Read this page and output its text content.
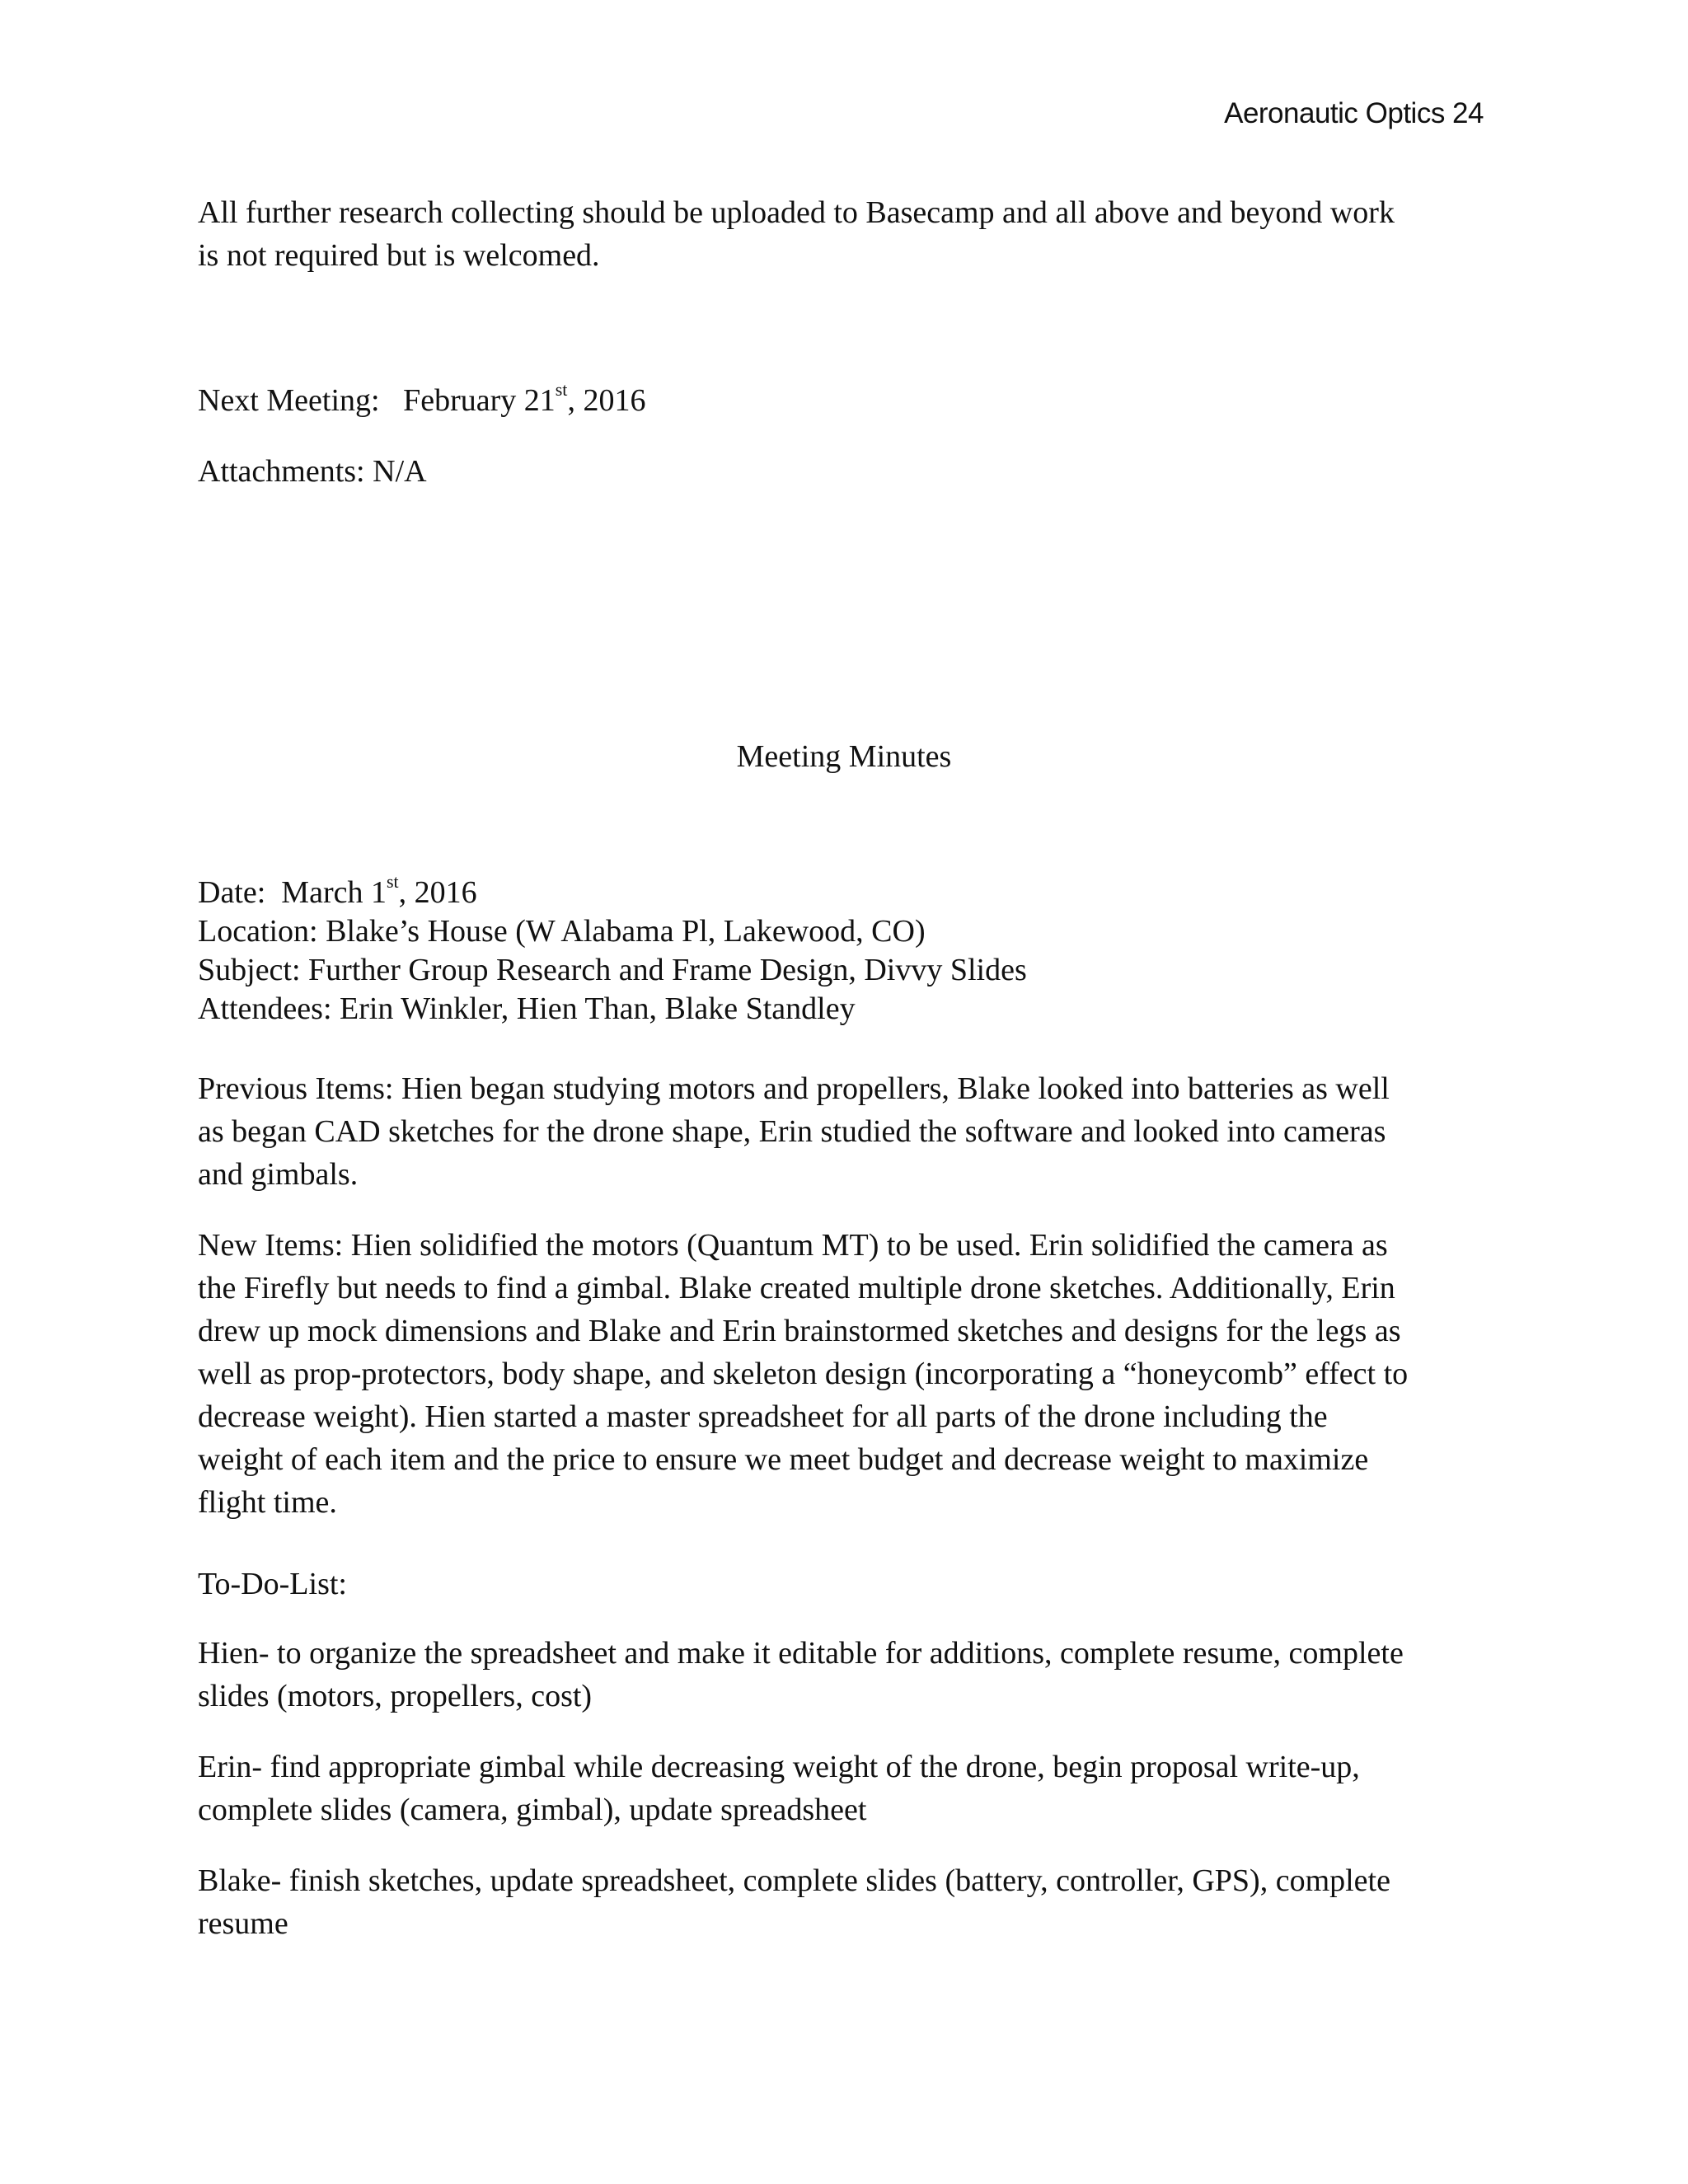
Aeronautic Optics 24
All further research collecting should be uploaded to Basecamp and all above and beyond work
is not required but is welcomed.
Next Meeting: February 21st, 2016
Attachments: N/A
Meeting Minutes
Date: March 1st, 2016
Location: Blake’s House (W Alabama Pl, Lakewood, CO)
Subject: Further Group Research and Frame Design, Divvy Slides
Attendees: Erin Winkler, Hien Than, Blake Standley
Previous Items: Hien began studying motors and propellers, Blake looked into batteries as well
as began CAD sketches for the drone shape, Erin studied the software and looked into cameras
and gimbals.
New Items: Hien solidified the motors (Quantum MT) to be used. Erin solidified the camera as
the Firefly but needs to find a gimbal. Blake created multiple drone sketches. Additionally, Erin
drew up mock dimensions and Blake and Erin brainstormed sketches and designs for the legs as
well as prop-protectors, body shape, and skeleton design (incorporating a “honeycomb” effect to
decrease weight). Hien started a master spreadsheet for all parts of the drone including the
weight of each item and the price to ensure we meet budget and decrease weight to maximize
flight time.
To-Do-List:
Hien- to organize the spreadsheet and make it editable for additions, complete resume, complete
slides (motors, propellers, cost)
Erin- find appropriate gimbal while decreasing weight of the drone, begin proposal write-up,
complete slides (camera, gimbal), update spreadsheet
Blake- finish sketches, update spreadsheet, complete slides (battery, controller, GPS), complete
resume
